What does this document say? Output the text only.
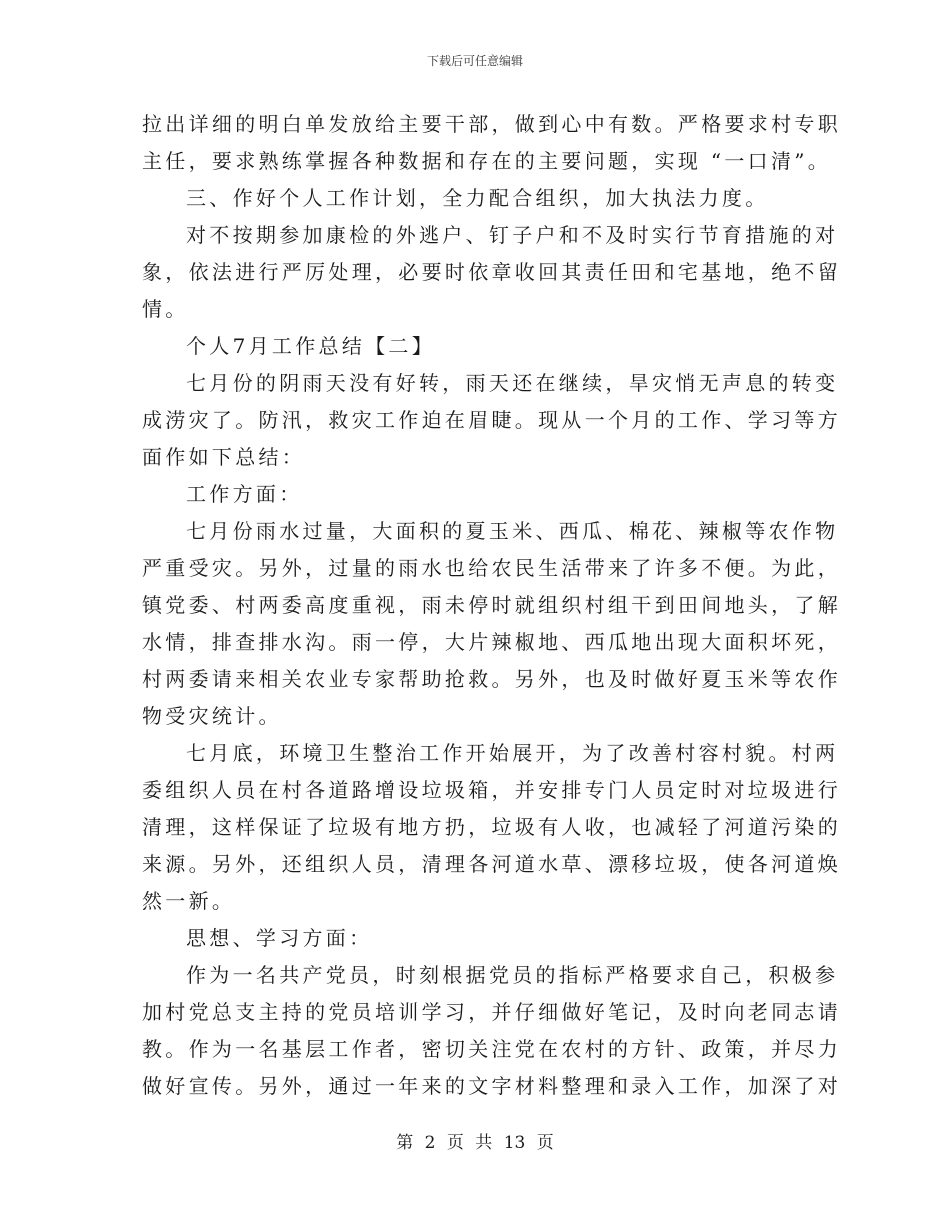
下载后可任意编辑
拉出详细的明白单发放给主要干部，做到心中有数。严格要求村专职
主任，要求熟练掌握各种数据和存在的主要问题，实现 “一口清”。
三、作好个人工作计划，全力配合组织，加大执法力度。
对不按期参加康检的外逃户、钉子户和不及时实行节育措施的对
象，依法进行严厉处理，必要时依章收回其责任田和宅基地，绝不留
情。
个人7月工作总结【二】
七月份的阴雨天没有好转，雨天还在继续，旱灾悄无声息的转变
成涝灾了。防汛，救灾工作迫在眉睫。现从一个月的工作、学习等方
面作如下总结：
工作方面：
七月份雨水过量，大面积的夏玉米、西瓜、棉花、辣椒等农作物
严重受灾。另外，过量的雨水也给农民生活带来了许多不便。为此，
镇党委、村两委高度重视，雨未停时就组织村组干到田间地头，了解
水情，排查排水沟。雨一停，大片辣椒地、西瓜地出现大面积坏死，
村两委请来相关农业专家帮助抢救。另外，也及时做好夏玉米等农作
物受灾统计。
七月底，环境卫生整治工作开始展开，为了改善村容村貌。村两
委组织人员在村各道路增设垃圾箱，并安排专门人员定时对垃圾进行
清理，这样保证了垃圾有地方扔，垃圾有人收，也减轻了河道污染的
来源。另外，还组织人员，清理各河道水草、漂移垃圾，使各河道焕
然一新。
思想、学习方面：
作为一名共产党员，时刻根据党员的指标严格要求自己，积极参
加村党总支主持的党员培训学习，并仔细做好笔记，及时向老同志请
教。作为一名基层工作者，密切关注党在农村的方针、政策，并尽力
做好宣传。另外，通过一年来的文字材料整理和录入工作，加深了对
第 2 页 共 13 页
